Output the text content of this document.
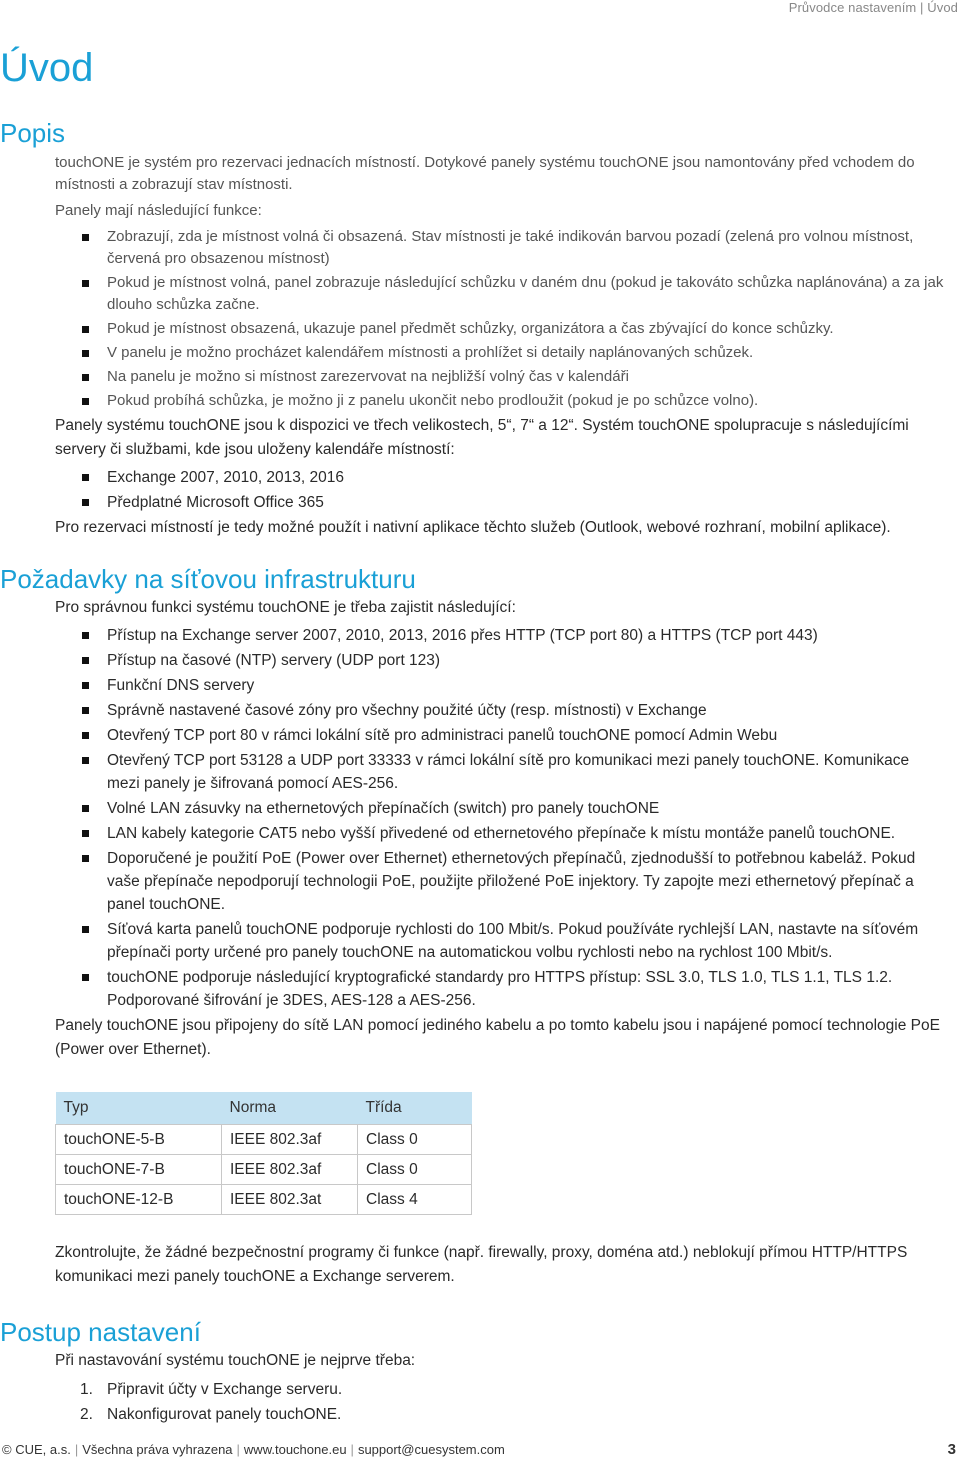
Průvodce nastavením | Úvod
Úvod
Popis

touchONE je systém pro rezervaci jednacích místností. Dotykové panely systému touchONE jsou namontovány před vchodem do místnosti a zobrazují stav místnosti.

Panely mají následující funkce:

Zobrazují, zda je místnost volná či obsazená. Stav místnosti je také indikován barvou pozadí (zelená pro volnou místnost, červená pro obsazenou místnost)
Pokud je místnost volná, panel zobrazuje následující schůzku v daném dnu (pokud je takováto schůzka naplánována) a za jak dlouho schůzka začne.
Pokud je místnost obsazená, ukazuje panel předmět schůzky, organizátora a čas zbývající do konce schůzky.
V panelu je možno procházet kalendářem místnosti a prohlížet si detaily naplánovaných schůzek.
Na panelu je možno si místnost zarezervovat na nejbližší volný čas v kalendáři
Pokud probíhá schůzka, je možno ji z panelu ukončit nebo prodloužit (pokud je po schůzce volno).

Panely systému touchONE jsou k dispozici ve třech velikostech, 5“, 7“ a 12“. Systém touchONE spolupracuje s následujícími servery či službami, kde jsou uloženy kalendáře místností:

Exchange 2007, 2010, 2013, 2016
Předplatné Microsoft Office 365

Pro rezervaci místností je tedy možné použít i nativní aplikace těchto služeb (Outlook, webové rozhraní, mobilní aplikace).

Požadavky na síťovou infrastrukturu

Pro správnou funkci systému touchONE je třeba zajistit následující:

Přístup na Exchange server 2007, 2010, 2013, 2016 přes HTTP (TCP port 80) a HTTPS (TCP port 443)
Přístup na časové (NTP) servery (UDP port 123)
Funkční DNS servery
Správně nastavené časové zóny pro všechny použité účty (resp. místnosti) v Exchange
Otevřený TCP port 80 v rámci lokální sítě pro administraci panelů touchONE pomocí Admin Webu
Otevřený TCP port 53128 a UDP port 33333 v rámci lokální sítě pro komunikaci mezi panely touchONE. Komunikace mezi panely je šifrovaná pomocí AES-256.
Volné LAN zásuvky na ethernetových přepínačích (switch) pro panely touchONE
LAN kabely kategorie CAT5 nebo vyšší přivedené od ethernetového přepínače k místu montáže panelů touchONE.
Doporučené je použití PoE (Power over Ethernet) ethernetových přepínačů, zjednodušší to potřebnou kabeláž. Pokud vaše přepínače nepodporují technologii PoE, použijte přiložené PoE injektory. Ty zapojte mezi ethernetový přepínač a panel touchONE.
Síťová karta panelů touchONE podporuje rychlosti do 100 Mbit/s. Pokud používáte rychlejší LAN, nastavte na síťovém přepínači porty určené pro panely touchONE na automatickou volbu rychlosti nebo na rychlost 100 Mbit/s.
touchONE podporuje následující kryptografické standardy pro HTTPS přístup: SSL 3.0, TLS 1.0, TLS 1.1, TLS 1.2. Podporované šifrování je 3DES, AES-128 a AES-256.

Panely touchONE jsou připojeny do sítě LAN pomocí jediného kabelu a po tomto kabelu jsou i napájené pomocí technologie PoE (Power over Ethernet).

Typ	Norma	Třída
touchONE-5-B	IEEE 802.3af	Class 0
touchONE-7-B	IEEE 802.3af	Class 0
touchONE-12-B	IEEE 802.3at	Class 4

Zkontrolujte, že žádné bezpečnostní programy či funkce (např. firewally, proxy, doména atd.) neblokují přímou HTTP/HTTPS komunikaci mezi panely touchONE a Exchange serverem.

Postup nastavení

Při nastavování systému touchONE je nejprve třeba:

1. Připravit účty v Exchange serveru.
2. Nakonfigurovat panely touchONE.
© CUE, a.s. | Všechna práva vyhrazena | www.touchone.eu | support@cuesystem.com	3
